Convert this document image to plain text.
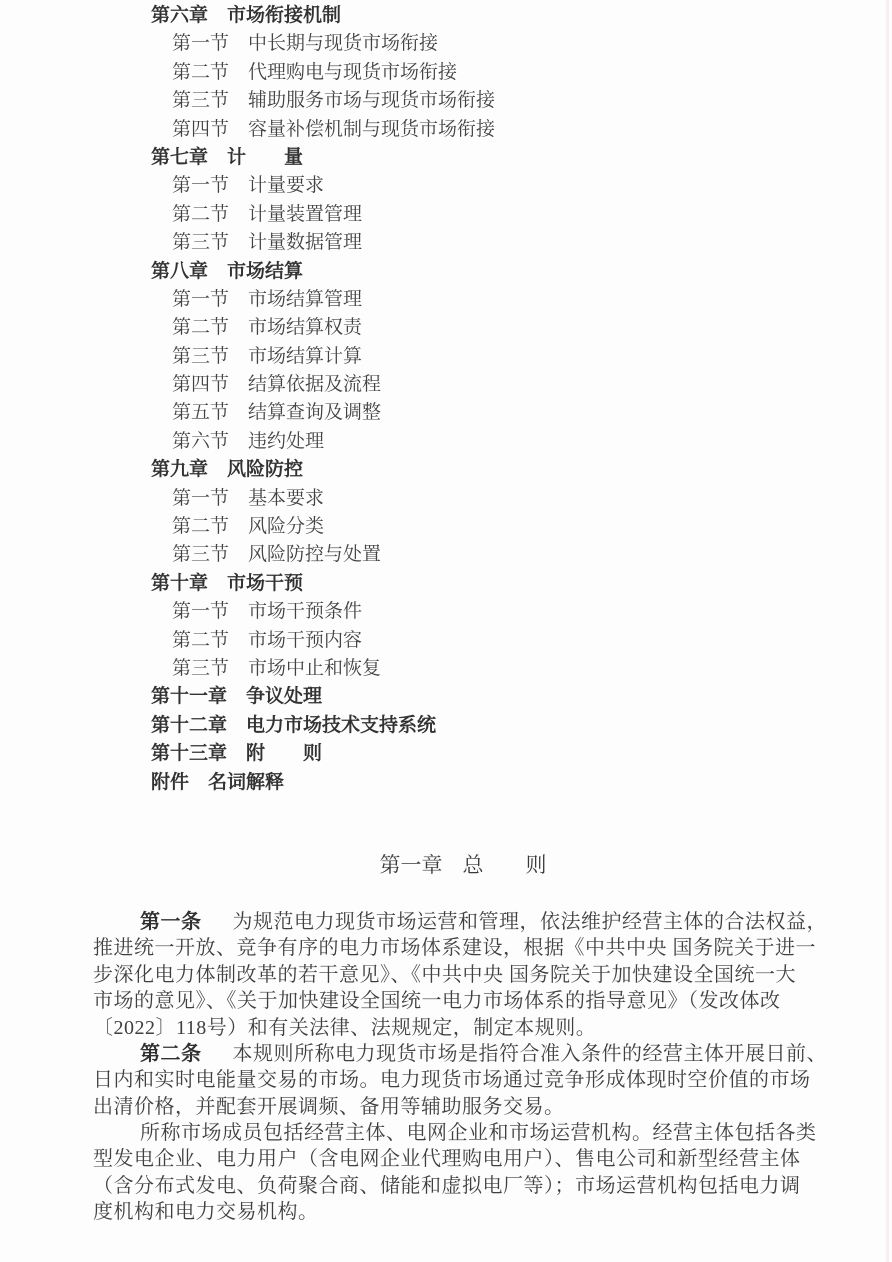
第六章 市场衔接机制
第一节 中长期与现货市场衔接
第二节 代理购电与现货市场衔接
第三节 辅助服务市场与现货市场衔接
第四节 容量补偿机制与现货市场衔接
第七章 计　　量
第一节 计量要求
第二节 计量装置管理
第三节 计量数据管理
第八章 市场结算
第一节 市场结算管理
第二节 市场结算权责
第三节 市场结算计算
第四节 结算依据及流程
第五节 结算查询及调整
第六节 违约处理
第九章 风险防控
第一节 基本要求
第二节 风险分类
第三节 风险防控与处置
第十章 市场干预
第一节 市场干预条件
第二节 市场干预内容
第三节 市场中止和恢复
第十一章 争议处理
第十二章 电力市场技术支持系统
第十三章 附　　则
附件 名词解释
第一章 总　　则
第一条 为规范电力现货市场运营和管理，依法维护经营主体的合法权益，
推进统一开放、竞争有序的电力市场体系建设，根据《中共中央 国务院关于进一
步深化电力体制改革的若干意见》、《中共中央 国务院关于加快建设全国统一大
市场的意见》、《关于加快建设全国统一电力市场体系的指导意见》（发改体改
〔2022〕118号）和有关法律、法规规定，制定本规则。
第二条 本规则所称电力现货市场是指符合准入条件的经营主体开展日前、
日内和实时电能量交易的市场。电力现货市场通过竞争形成体现时空价值的市场
出清价格，并配套开展调频、备用等辅助服务交易。
所称市场成员包括经营主体、电网企业和市场运营机构。经营主体包括各类
型发电企业、电力用户（含电网企业代理购电用户）、售电公司和新型经营主体
（含分布式发电、负荷聚合商、储能和虚拟电厂等）；市场运营机构包括电力调
度机构和电力交易机构。
